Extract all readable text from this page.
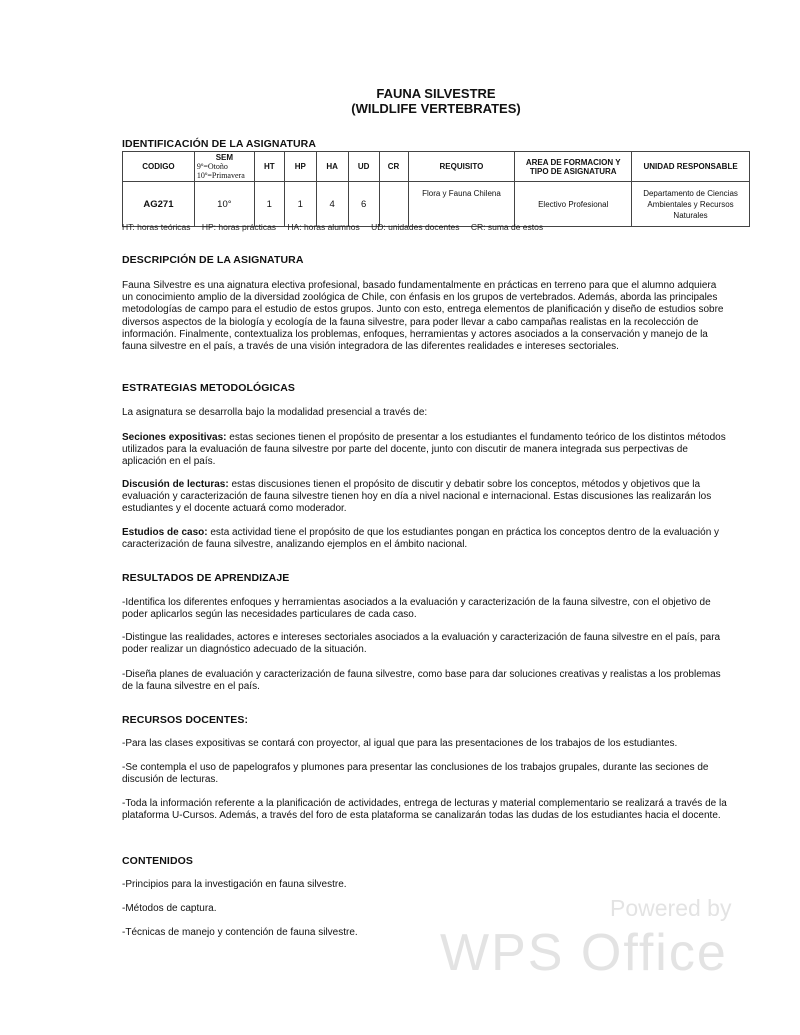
FAUNA SILVESTRE
(WILDLIFE VERTEBRATES)
IDENTIFICACIÓN DE LA ASIGNATURA
CODIGO	SEM
9º=Otoño
10º=Primavera	HT	HP	HA	UD	CR	REQUISITO	AREA DE FORMACION Y TIPO DE ASIGNATURA	UNIDAD RESPONSABLE
AG271	10°	1	1	4	6		Flora y Fauna Chilena	Electivo Profesional	Departamento de Ciencias Ambientales y Recursos Naturales
HT: horas teóricas HP: horas prácticas HA: horas alumnos UD: unidades docentes CR: suma de estos
DESCRIPCIÓN DE LA ASIGNATURA
Fauna Silvestre es una aignatura electiva profesional, basado fundamentalmente en prácticas en terreno para que el alumno adquiera un conocimiento amplio de la diversidad zoológica de Chile, con énfasis en los grupos de vertebrados. Además, aborda las principales metodologías de campo para el estudio de estos grupos. Junto con esto, entrega elementos de planificación y diseño de estudios sobre diversos aspectos de la biología y ecología de la fauna silvestre, para poder llevar a cabo campañas realistas en la recolección de información. Finalmente, contextualiza los problemas, enfoques, herramientas y actores asociados a la conservación y manejo de la fauna silvestre en el país, a través de una visión integradora de las diferentes realidades e intereses sectoriales.
ESTRATEGIAS METODOLÓGICAS
La asignatura se desarrolla bajo la modalidad presencial a través de:
Seciones expositivas: estas seciones tienen el propósito de presentar a los estudiantes el fundamento teórico de los distintos métodos utilizados para la evaluación de fauna silvestre por parte del docente, junto con discutir de manera integrada sus perpectivas de aplicación en el país.
Discusión de lecturas: estas discusiones tienen el propósito de discutir y debatir sobre los conceptos, métodos y objetivos que la evaluación y caracterización de fauna silvestre tienen hoy en día a nivel nacional e internacional. Estas discusiones las realizarán los estudiantes y el docente actuará como moderador.
Estudios de caso: esta actividad tiene el propósito de que los estudiantes pongan en práctica los conceptos dentro de la evaluación y caracterización de fauna silvestre, analizando ejemplos en el ámbito nacional.
RESULTADOS DE APRENDIZAJE
-Identifica los diferentes enfoques y herramientas asociados a la evaluación y caracterización de la fauna silvestre, con el objetivo de poder aplicarlos según las necesidades particulares de cada caso.
-Distingue las realidades, actores e intereses sectoriales asociados a la evaluación y caracterización de fauna silvestre en el país, para poder realizar un diagnóstico adecuado de la situación.
-Diseña planes de evaluación y caracterización de fauna silvestre, como base para dar soluciones creativas y realistas a los problemas de la fauna silvestre en el país.
RECURSOS DOCENTES:
-Para las clases expositivas se contará con proyector, al igual que para las presentaciones de los trabajos de los estudiantes.
-Se contempla el uso de papelografos y plumones para presentar las conclusiones de los trabajos grupales, durante las seciones de discusión de lecturas.
-Toda la información referente a la planificación de actividades, entrega de lecturas y material complementario se realizará a través de la plataforma U-Cursos. Además, a través del foro de esta plataforma se canalizarán todas las dudas de los estudiantes hacia el docente.
CONTENIDOS
-Principios para la investigación en fauna silvestre.
-Métodos de captura.
-Técnicas de manejo y contención de fauna silvestre.
Powered by
WPS Office
